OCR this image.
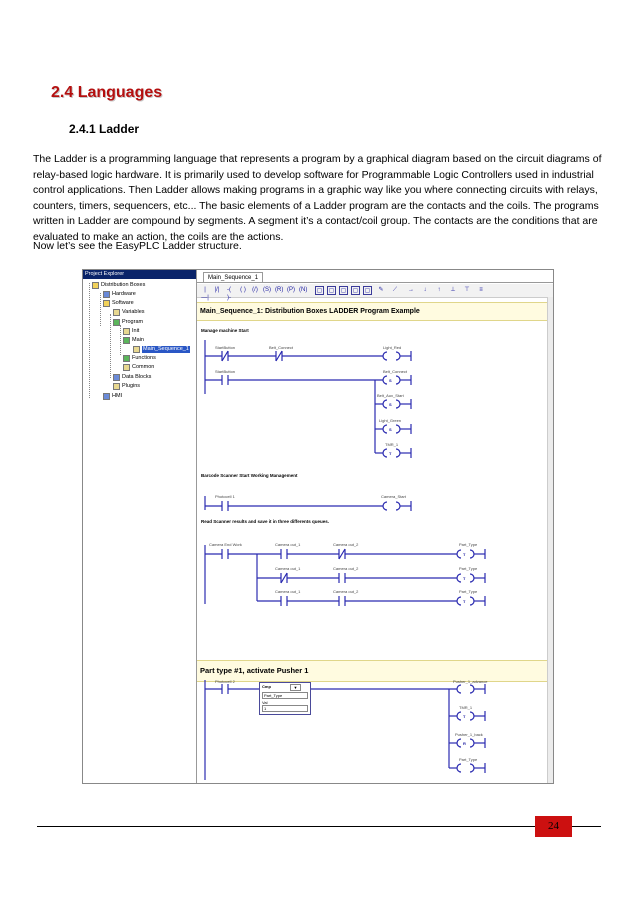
2.4 Languages
2.4.1 Ladder
The Ladder is a programming language that represents a program by a graphical diagram based on the circuit diagrams of relay-based logic hardware. It is primarily used to develop software for Programmable Logic Controllers used in industrial control applications. Then Ladder allows making programs in a graphic way like you where connecting circuits with relays, counters, timers, sequencers, etc... The basic elements of a Ladder program are the contacts and the coils. The programs written in Ladder are compound by segments. A segment it’s a contact/coil group. The contacts are the conditions that are evaluated to make an action, the coils are the actions.
Now let’s see the EasyPLC Ladder structure.
Project Explorer
Distribution Boxes
Hardware
Software
Variables
Program
Init
Main
Main_Sequence_1
Functions
Common
Data Blocks
Plugins
HMI
Main_Sequence_1
|—|
|/|	-( )-
( ) (/) (S) (R) (P) (N) ▢ ▢ ▢ ▢ ▢ ✎	⟋	→	↓	↑	⊥ ⊤	≡
Main_Sequence_1: Distribution Boxes LADDER Program Example
Manage machine Start
Barcode Scanner Start Working Management
Read Scanner results and save it in three differents queues.
Part type #1, activate Pusher 1
S
S
S
T
T
T
T
T
R
StartButton	Belt_Connect	Light_Red
StartButton	Belt_Connect
Belt_Aux_Start
Light_Green
TMR_1
Photocell 1	Camera_Start
Camera End Work	Camera out_1	Camera out_2	Part_Type
Camera out_1	Camera out_2	Part_Type
Camera out_1	Camera out_2	Part_Type
Photocell 2	Pusher_1_advance
TMR_1
Pusher_1_back
Part_Type
Cmp	▼
Part_Type
Val
1
24
